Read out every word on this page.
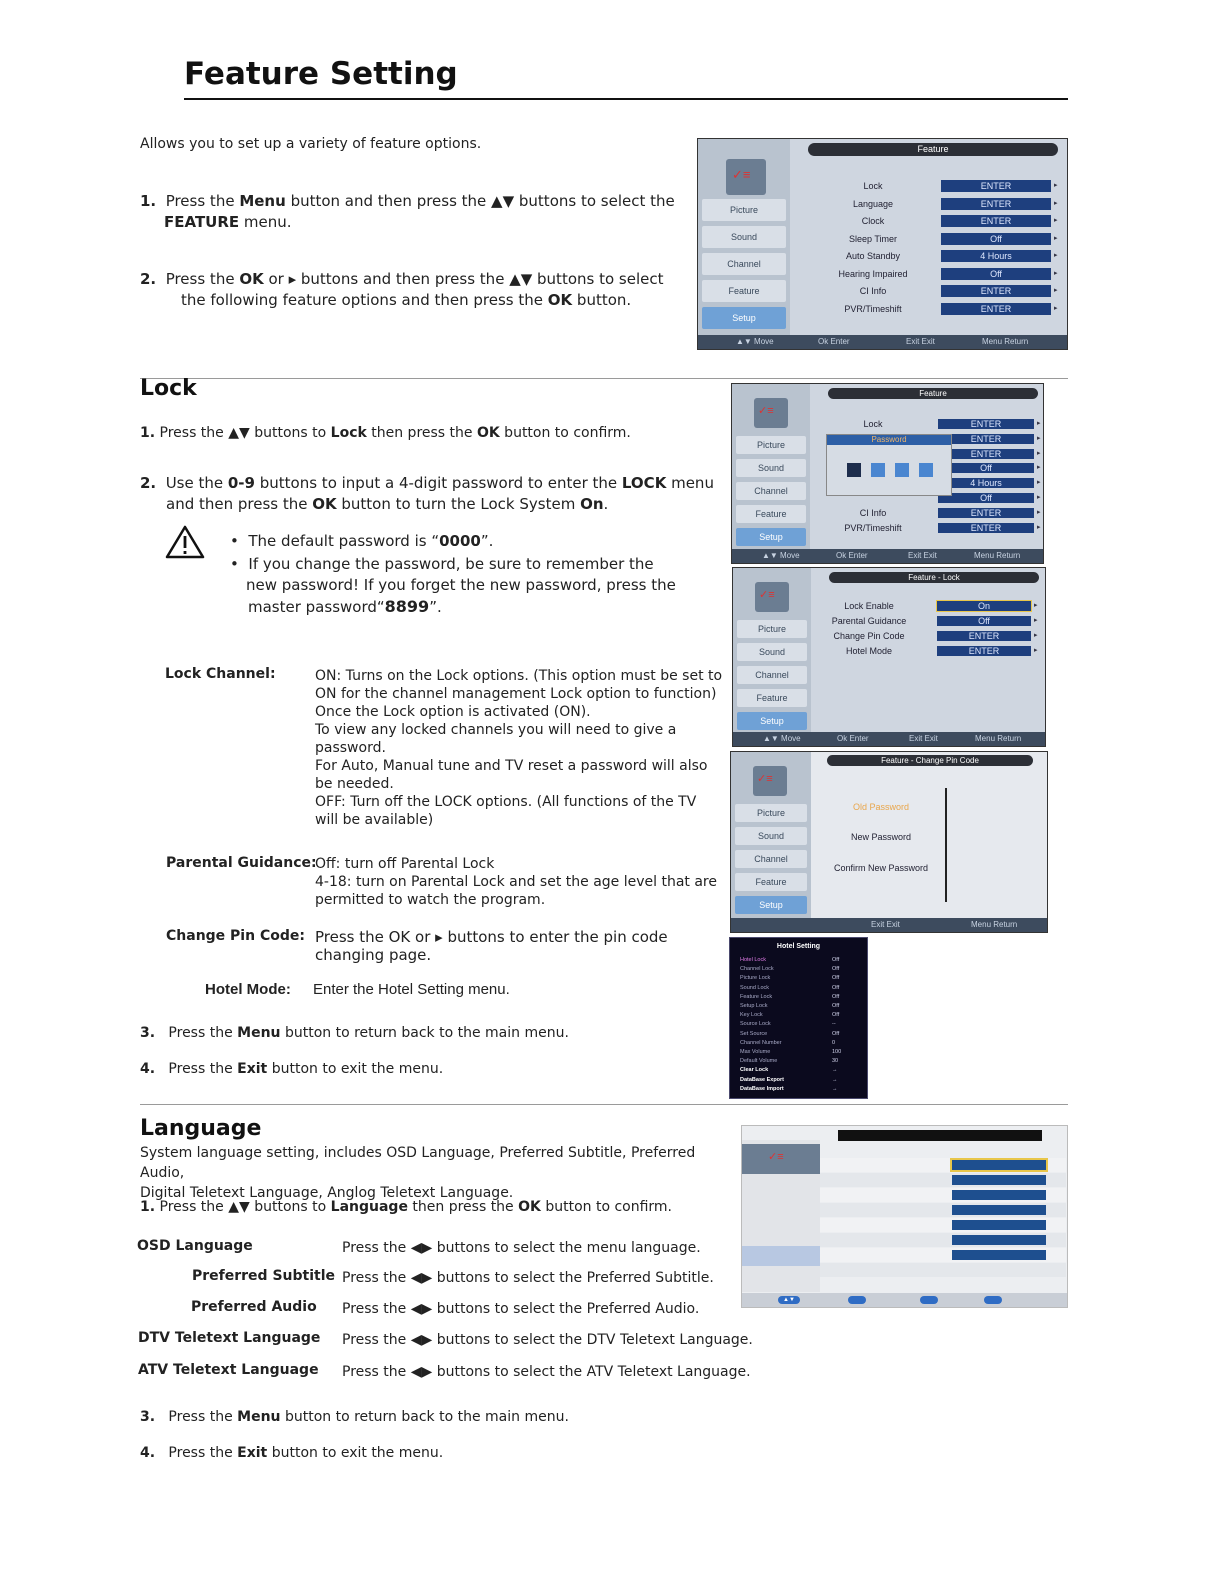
Feature Setting
Allows you to set up a variety of feature options.
1. Press the Menu button and then press the ▲▼ buttons to select the
FEATURE menu.
2. Press the OK or ▸ buttons and then press the ▲▼ buttons to select
the following feature options and then press the OK button.
✓≡
Feature
Picture
Sound
Channel
Feature
Setup
Lock	ENTER	▸
Language	ENTER	▸
Clock	ENTER	▸
Sleep Timer	Off	▸
Auto Standby	4 Hours	▸
Hearing Impaired	Off	▸
CI Info	ENTER	▸
PVR/Timeshift	ENTER	▸
▲▼ Move	Ok Enter	Exit Exit	Menu Return
Lock
1. Press the ▲▼ buttons to Lock then press the OK button to confirm.
2. Use the 0-9 buttons to input a 4-digit password to enter the LOCK menu
and then press the OK button to turn the Lock System On.
•  The default password is “0000”.
•  If you change the password, be sure to remember the
new password! If you forget the new password, press the
master password“8899”.
Lock Channel:	ON: Turns on the Lock options. (This option must be set to
ON for the channel management Lock option to function)
Once the Lock option is activated (ON).
To view any locked channels you will need to give a password.
For Auto, Manual tune and TV reset a password will also
be needed.
OFF: Turn off the LOCK options. (All functions of the TV
will be available)
Parental Guidance:
Off: turn off Parental Lock
4-18: turn on Parental Lock and set the age level that are
permitted to watch the program.
Change Pin Code: Press the OK or ▸ buttons to enter the pin code
changing page.
Hotel Mode: Enter the Hotel Setting menu.
3. Press the Menu button to return back to the main menu.
4. Press the Exit button to exit the menu.
✓≡
Feature
Picture
Sound
Channel
Feature
Setup
Lock	ENTER	▸
ENTER	▸
ENTER	▸
Off	▸
4 Hours	▸
Off	▸
CI Info	ENTER	▸
PVR/Timeshift	ENTER	▸
Password
▲▼ Move	Ok Enter	Exit Exit	Menu Return
✓≡
Feature - Lock
Picture
Sound
Channel
Feature
Setup
Lock Enable	On	▸
Parental Guidance	Off	▸
Change Pin Code	ENTER	▸
Hotel Mode	ENTER	▸
▲▼ Move	Ok Enter	Exit Exit	Menu Return
✓≡
Feature - Change Pin Code
Picture
Sound
Channel
Feature
Setup
Old Password
New Password
Confirm New Password
Exit Exit	Menu Return
Hotel Setting
Hotel Lock	Off
Channel Lock	Off
Picture Lock	Off
Sound Lock	Off
Feature Lock	Off
Setup Lock	Off
Key Lock	Off
Source Lock	--
Set Source	Off
Channel Number	0
Max Volume	100
Default Volume	30
Clear Lock	→
DataBase Export	→
DataBase Import	→
Language
System language setting, includes OSD Language, Preferred Subtitle, Preferred Audio,
Digital Teletext Language, Anglog Teletext Language.
1. Press the ▲▼ buttons to Language then press the OK button to confirm.
OSD Language	Press the ◀▶ buttons to select the menu language.
Preferred Subtitle Press the ◀▶ buttons to select the Preferred Subtitle.
Preferred Audio Press the ◀▶ buttons to select the Preferred Audio.
DTV Teletext Language Press the ◀▶ buttons to select the DTV Teletext Language.
ATV Teletext Language Press the ◀▶ buttons to select the ATV Teletext Language.
3. Press the Menu button to return back to the main menu.
4. Press the Exit button to exit the menu.
✓≡
▲▼
